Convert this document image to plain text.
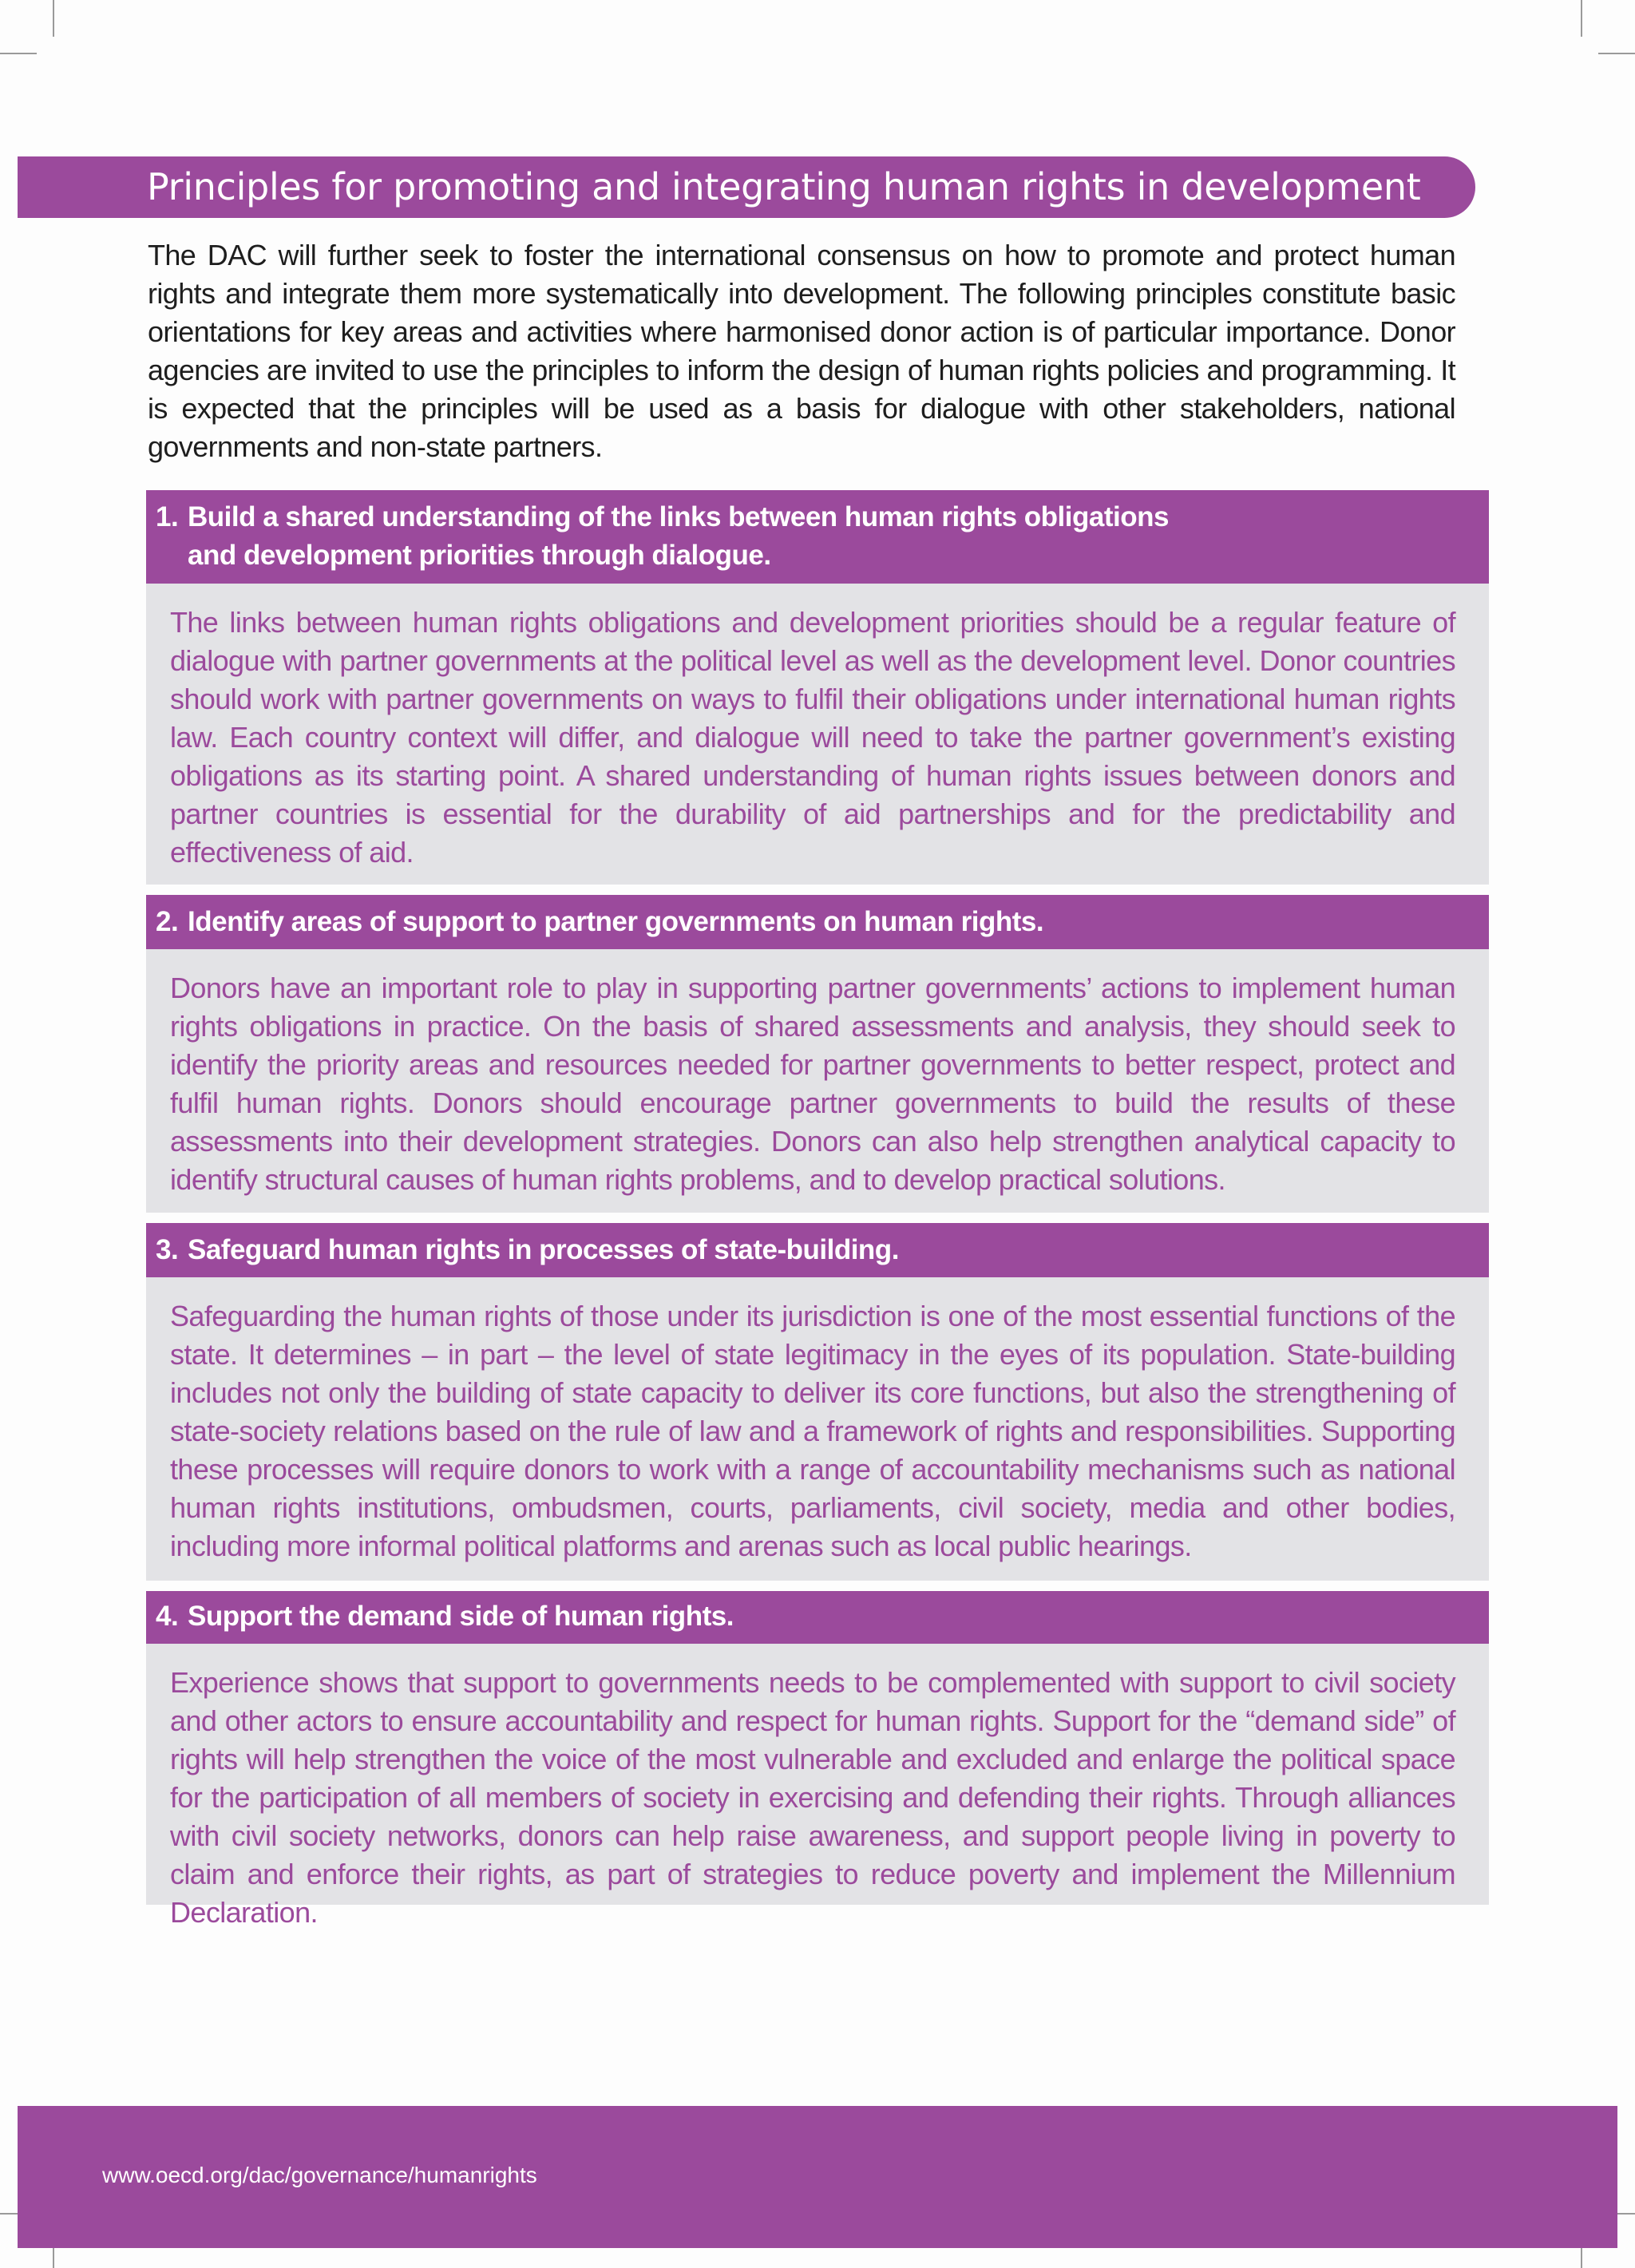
Principles for promoting and integrating human rights in development

The DAC will further seek to foster the international consensus on how to promote and protect human rights and integrate them more systematically into development. The following principles constitute basic orientations for key areas and activities where harmonised donor action is of particular importance. Donor agencies are invited to use the principles to inform the design of human rights policies and programming. It is expected that the principles will be used as a basis for dialogue with other stakeholders, national governments and non-state partners.

1. Build a shared understanding of the links between human rights obligations
and development priorities through dialogue.

The links between human rights obligations and development priorities should be a regular feature of dialogue with partner governments at the political level as well as the development level. Donor countries should work with partner governments on ways to fulfil their obligations under international human rights law. Each country context will differ, and dialogue will need to take the partner government’s existing obligations as its starting point. A shared understanding of human rights issues between donors and partner countries is essential for the durability of aid partnerships and for the predictability and effectiveness of aid.

2. Identify areas of support to partner governments on human rights.

Donors have an important role to play in supporting partner governments’ actions to implement human rights obligations in practice. On the basis of shared assessments and analysis, they should seek to identify the priority areas and resources needed for partner governments to better respect, protect and fulfil human rights. Donors should encourage partner governments to build the results of these assessments into their development strategies. Donors can also help strengthen analytical capacity to identify structural causes of human rights problems, and to develop practical solutions.

3. Safeguard human rights in processes of state-building.

Safeguarding the human rights of those under its jurisdiction is one of the most essential functions of the state. It determines – in part – the level of state legitimacy in the eyes of its population. State-building includes not only the building of state capacity to deliver its core functions, but also the strengthening of state-society relations based on the rule of law and a framework of rights and responsibilities. Supporting these processes will require donors to work with a range of accountability mechanisms such as national human rights institutions, ombudsmen, courts, parliaments, civil society, media and other bodies, including more informal political platforms and arenas such as local public hearings.

4. Support the demand side of human rights.

Experience shows that support to governments needs to be complemented with support to civil society and other actors to ensure accountability and respect for human rights. Support for the “demand side” of rights will help strengthen the voice of the most vulnerable and excluded and enlarge the political space for the participation of all members of society in exercising and defending their rights. Through alliances with civil society networks, donors can help raise awareness, and support people living in poverty to claim and enforce their rights, as part of strategies to reduce poverty and implement the Millennium Declaration.

www.oecd.org/dac/governance/humanrights
